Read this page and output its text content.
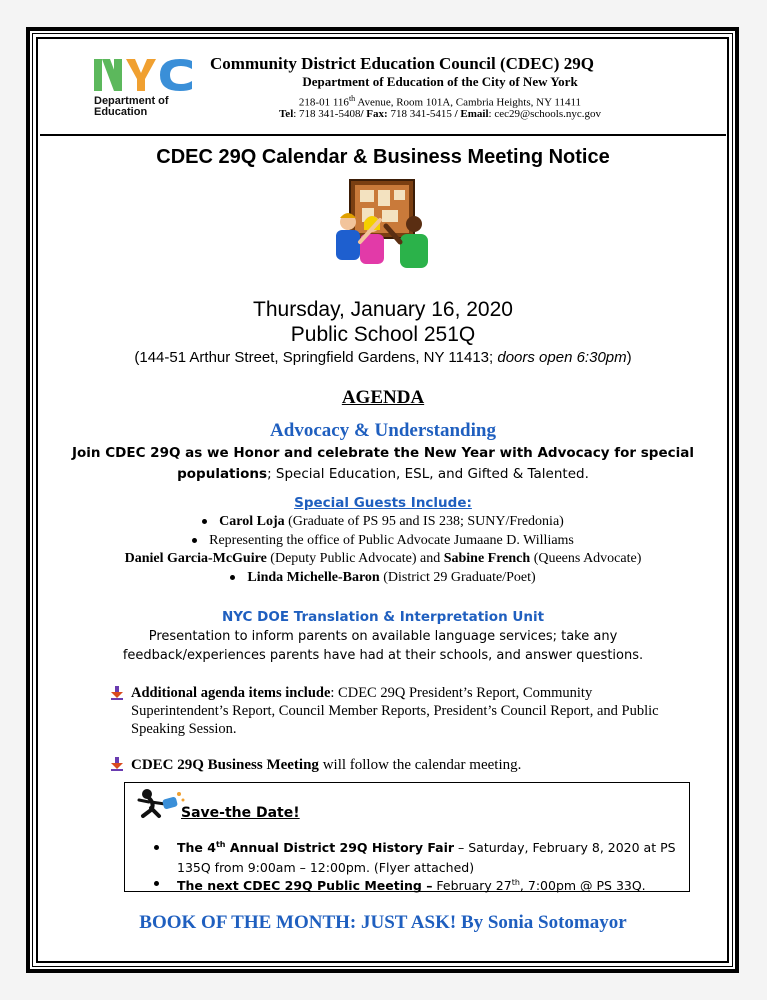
Department of
Education
Community District Education Council (CDEC) 29Q
Department of Education of the City of New York
218-01 116th Avenue, Room 101A, Cambria Heights, NY 11411
Tel: 718 341-5408/ Fax: 718 341-5415 / Email: cec29@schools.nyc.gov
CDEC 29Q Calendar & Business Meeting Notice
Thursday, January 16, 2020
Public School 251Q
(144-51 Arthur Street, Springfield Gardens, NY 11413; doors open 6:30pm)
AGENDA
Advocacy & Understanding
Join CDEC 29Q as we Honor and celebrate the New Year with Advocacy for special
populations; Special Education, ESL, and Gifted & Talented.
Special Guests Include:
Carol Loja (Graduate of PS 95 and IS 238; SUNY/Fredonia)
Representing the office of Public Advocate Jumaane D. Williams
Daniel Garcia-McGuire (Deputy Public Advocate) and Sabine French (Queens Advocate)
Linda Michelle-Baron (District 29 Graduate/Poet)
NYC DOE Translation & Interpretation Unit
Presentation to inform parents on available language services; take any feedback/experiences parents have had at their schools, and answer questions.
Additional agenda items include: CDEC 29Q President’s Report, Community Superintendent’s Report, Council Member Reports, President’s Council Report, and Public Speaking Session.
CDEC 29Q Business Meeting will follow the calendar meeting.
Save-the Date!
The 4th Annual District 29Q History Fair – Saturday, February 8, 2020 at PS 135Q from 9:00am – 12:00pm. (Flyer attached)
The next CDEC 29Q Public Meeting – February 27th, 7:00pm @ PS 33Q.
BOOK OF THE MONTH: JUST ASK! By Sonia Sotomayor
